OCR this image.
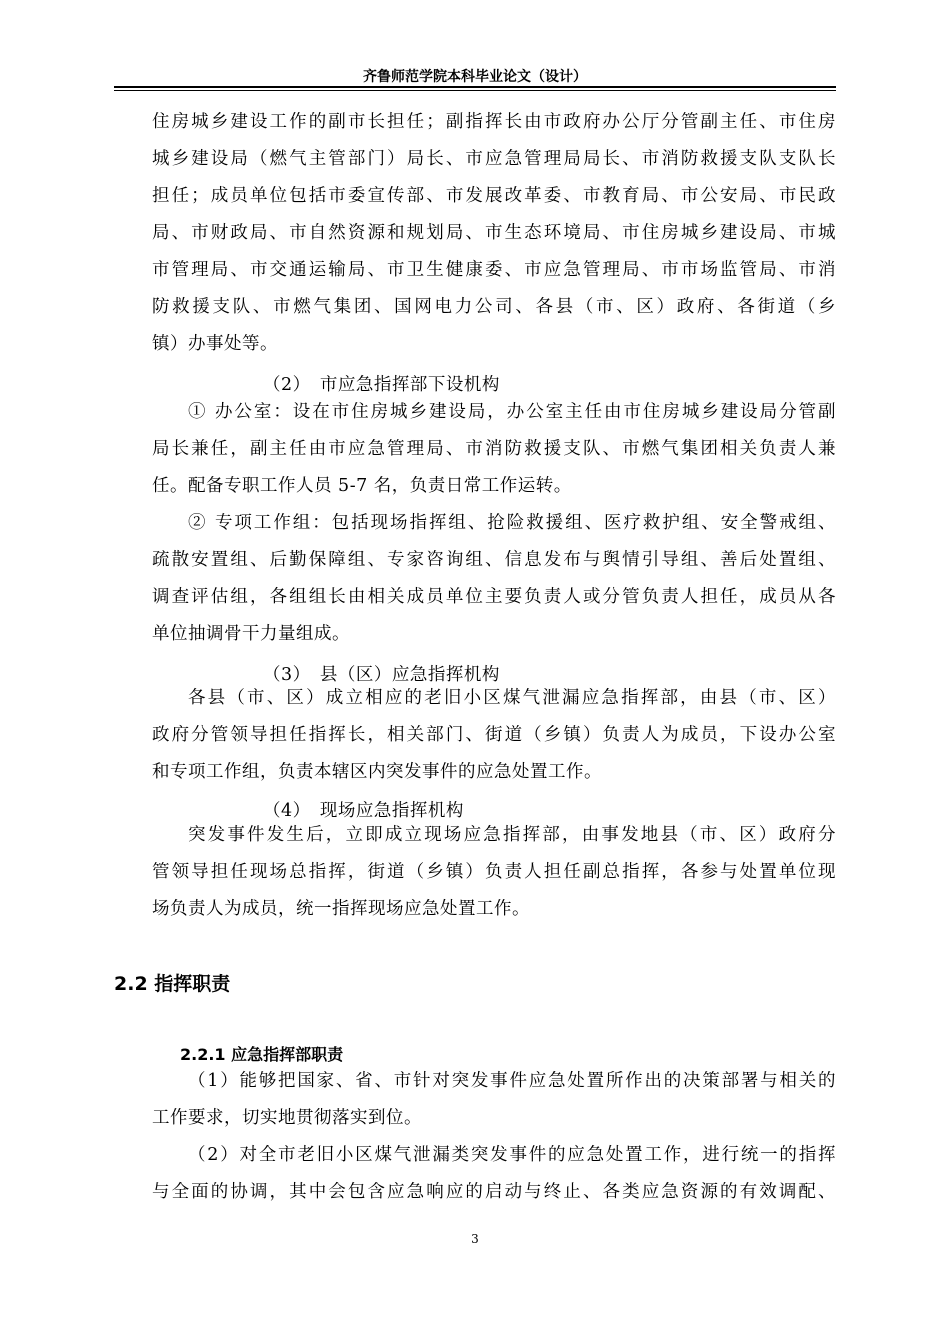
齐鲁师范学院本科毕业论文（设计）
住房城乡建设工作的副市长担任；副指挥长由市政府办公厅分管副主任、市住房
城乡建设局（燃气主管部门）局长、市应急管理局局长、市消防救援支队支队长
担任；成员单位包括市委宣传部、市发展改革委、市教育局、市公安局、市民政
局、市财政局、市自然资源和规划局、市生态环境局、市住房城乡建设局、市城
市管理局、市交通运输局、市卫生健康委、市应急管理局、市市场监管局、市消
防救援支队、市燃气集团、国网电力公司、各县（市、区）政府、各街道（乡
镇）办事处等。
（2）　市应急指挥部下设机构
① 办公室：设在市住房城乡建设局，办公室主任由市住房城乡建设局分管副
局长兼任，副主任由市应急管理局、市消防救援支队、市燃气集团相关负责人兼
任。配备专职工作人员 5-7 名，负责日常工作运转。
② 专项工作组：包括现场指挥组、抢险救援组、医疗救护组、安全警戒组、
疏散安置组、后勤保障组、专家咨询组、信息发布与舆情引导组、善后处置组、
调查评估组，各组组长由相关成员单位主要负责人或分管负责人担任，成员从各
单位抽调骨干力量组成。
（3）　县（区）应急指挥机构
各县（市、区）成立相应的老旧小区煤气泄漏应急指挥部，由县（市、区）
政府分管领导担任指挥长，相关部门、街道（乡镇）负责人为成员，下设办公室
和专项工作组，负责本辖区内突发事件的应急处置工作。
（4）　现场应急指挥机构
突发事件发生后，立即成立现场应急指挥部，由事发地县（市、区）政府分
管领导担任现场总指挥，街道（乡镇）负责人担任副总指挥，各参与处置单位现
场负责人为成员，统一指挥现场应急处置工作。
2.2 指挥职责
2.2.1 应急指挥部职责
（1）能够把国家、省、市针对突发事件应急处置所作出的决策部署与相关的
工作要求，切实地贯彻落实到位。
（2）对全市老旧小区煤气泄漏类突发事件的应急处置工作，进行统一的指挥
与全面的协调，其中会包含应急响应的启动与终止、各类应急资源的有效调配、
3
